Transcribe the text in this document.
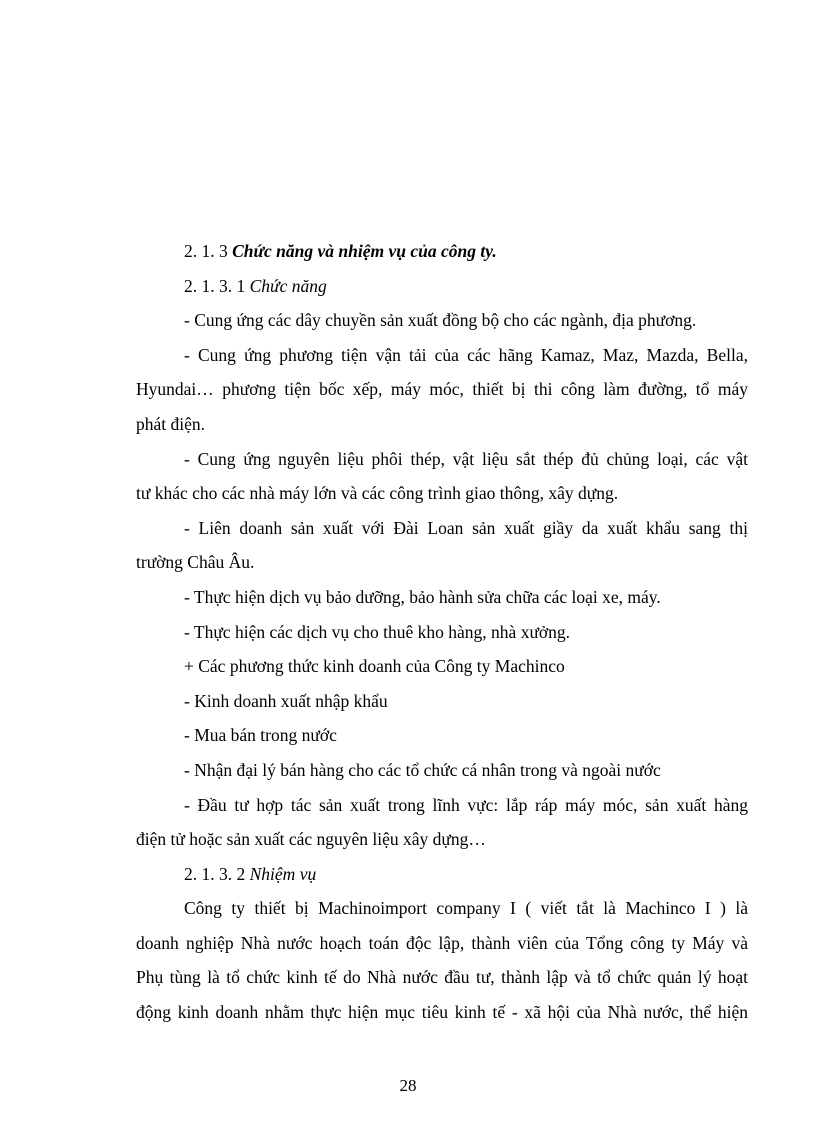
2. 1. 3 Chức năng và nhiệm vụ của công ty.
2. 1. 3. 1 Chức năng
- Cung ứng các dây chuyền sản xuất đồng bộ cho các ngành, địa phương.
- Cung ứng phương tiện vận tải của các hãng Kamaz, Maz, Mazda, Bella,
Hyundai… phương tiện bốc xếp, máy móc, thiết bị thi công làm đường, tổ máy
phát điện.
- Cung ứng nguyên liệu phôi thép, vật liệu sắt thép đủ chủng loại, các vật
tư khác cho các nhà máy lớn và các công trình giao thông, xây dựng.
- Liên doanh sản xuất với Đài Loan sản xuất giầy da xuất khẩu sang thị
trường Châu Âu.
- Thực hiện dịch vụ bảo dưỡng, bảo hành sửa chữa các loại xe, máy.
- Thực hiện các dịch vụ cho thuê kho hàng, nhà xưởng.
+ Các phương thức kinh doanh của Công ty Machinco
- Kinh doanh xuất nhập khẩu
- Mua bán trong nước
- Nhận đại lý bán hàng cho các tổ chức cá nhân trong và ngoài nước
- Đầu tư hợp tác sản xuất trong lĩnh vực: lắp ráp máy móc, sản xuất hàng
điện tử hoặc sản xuất các nguyên liệu xây dựng…
2. 1. 3. 2 Nhiệm vụ
Công ty thiết bị Machinoimport company I ( viết tắt là Machinco I ) là
doanh nghiệp Nhà nước hoạch toán độc lập, thành viên của Tổng công ty Máy và
Phụ tùng là tổ chức kinh tế do Nhà nước đầu tư, thành lập và tổ chức quản lý hoạt
động kinh doanh nhằm thực hiện mục tiêu kinh tế - xã hội của Nhà nước, thể hiện
28
